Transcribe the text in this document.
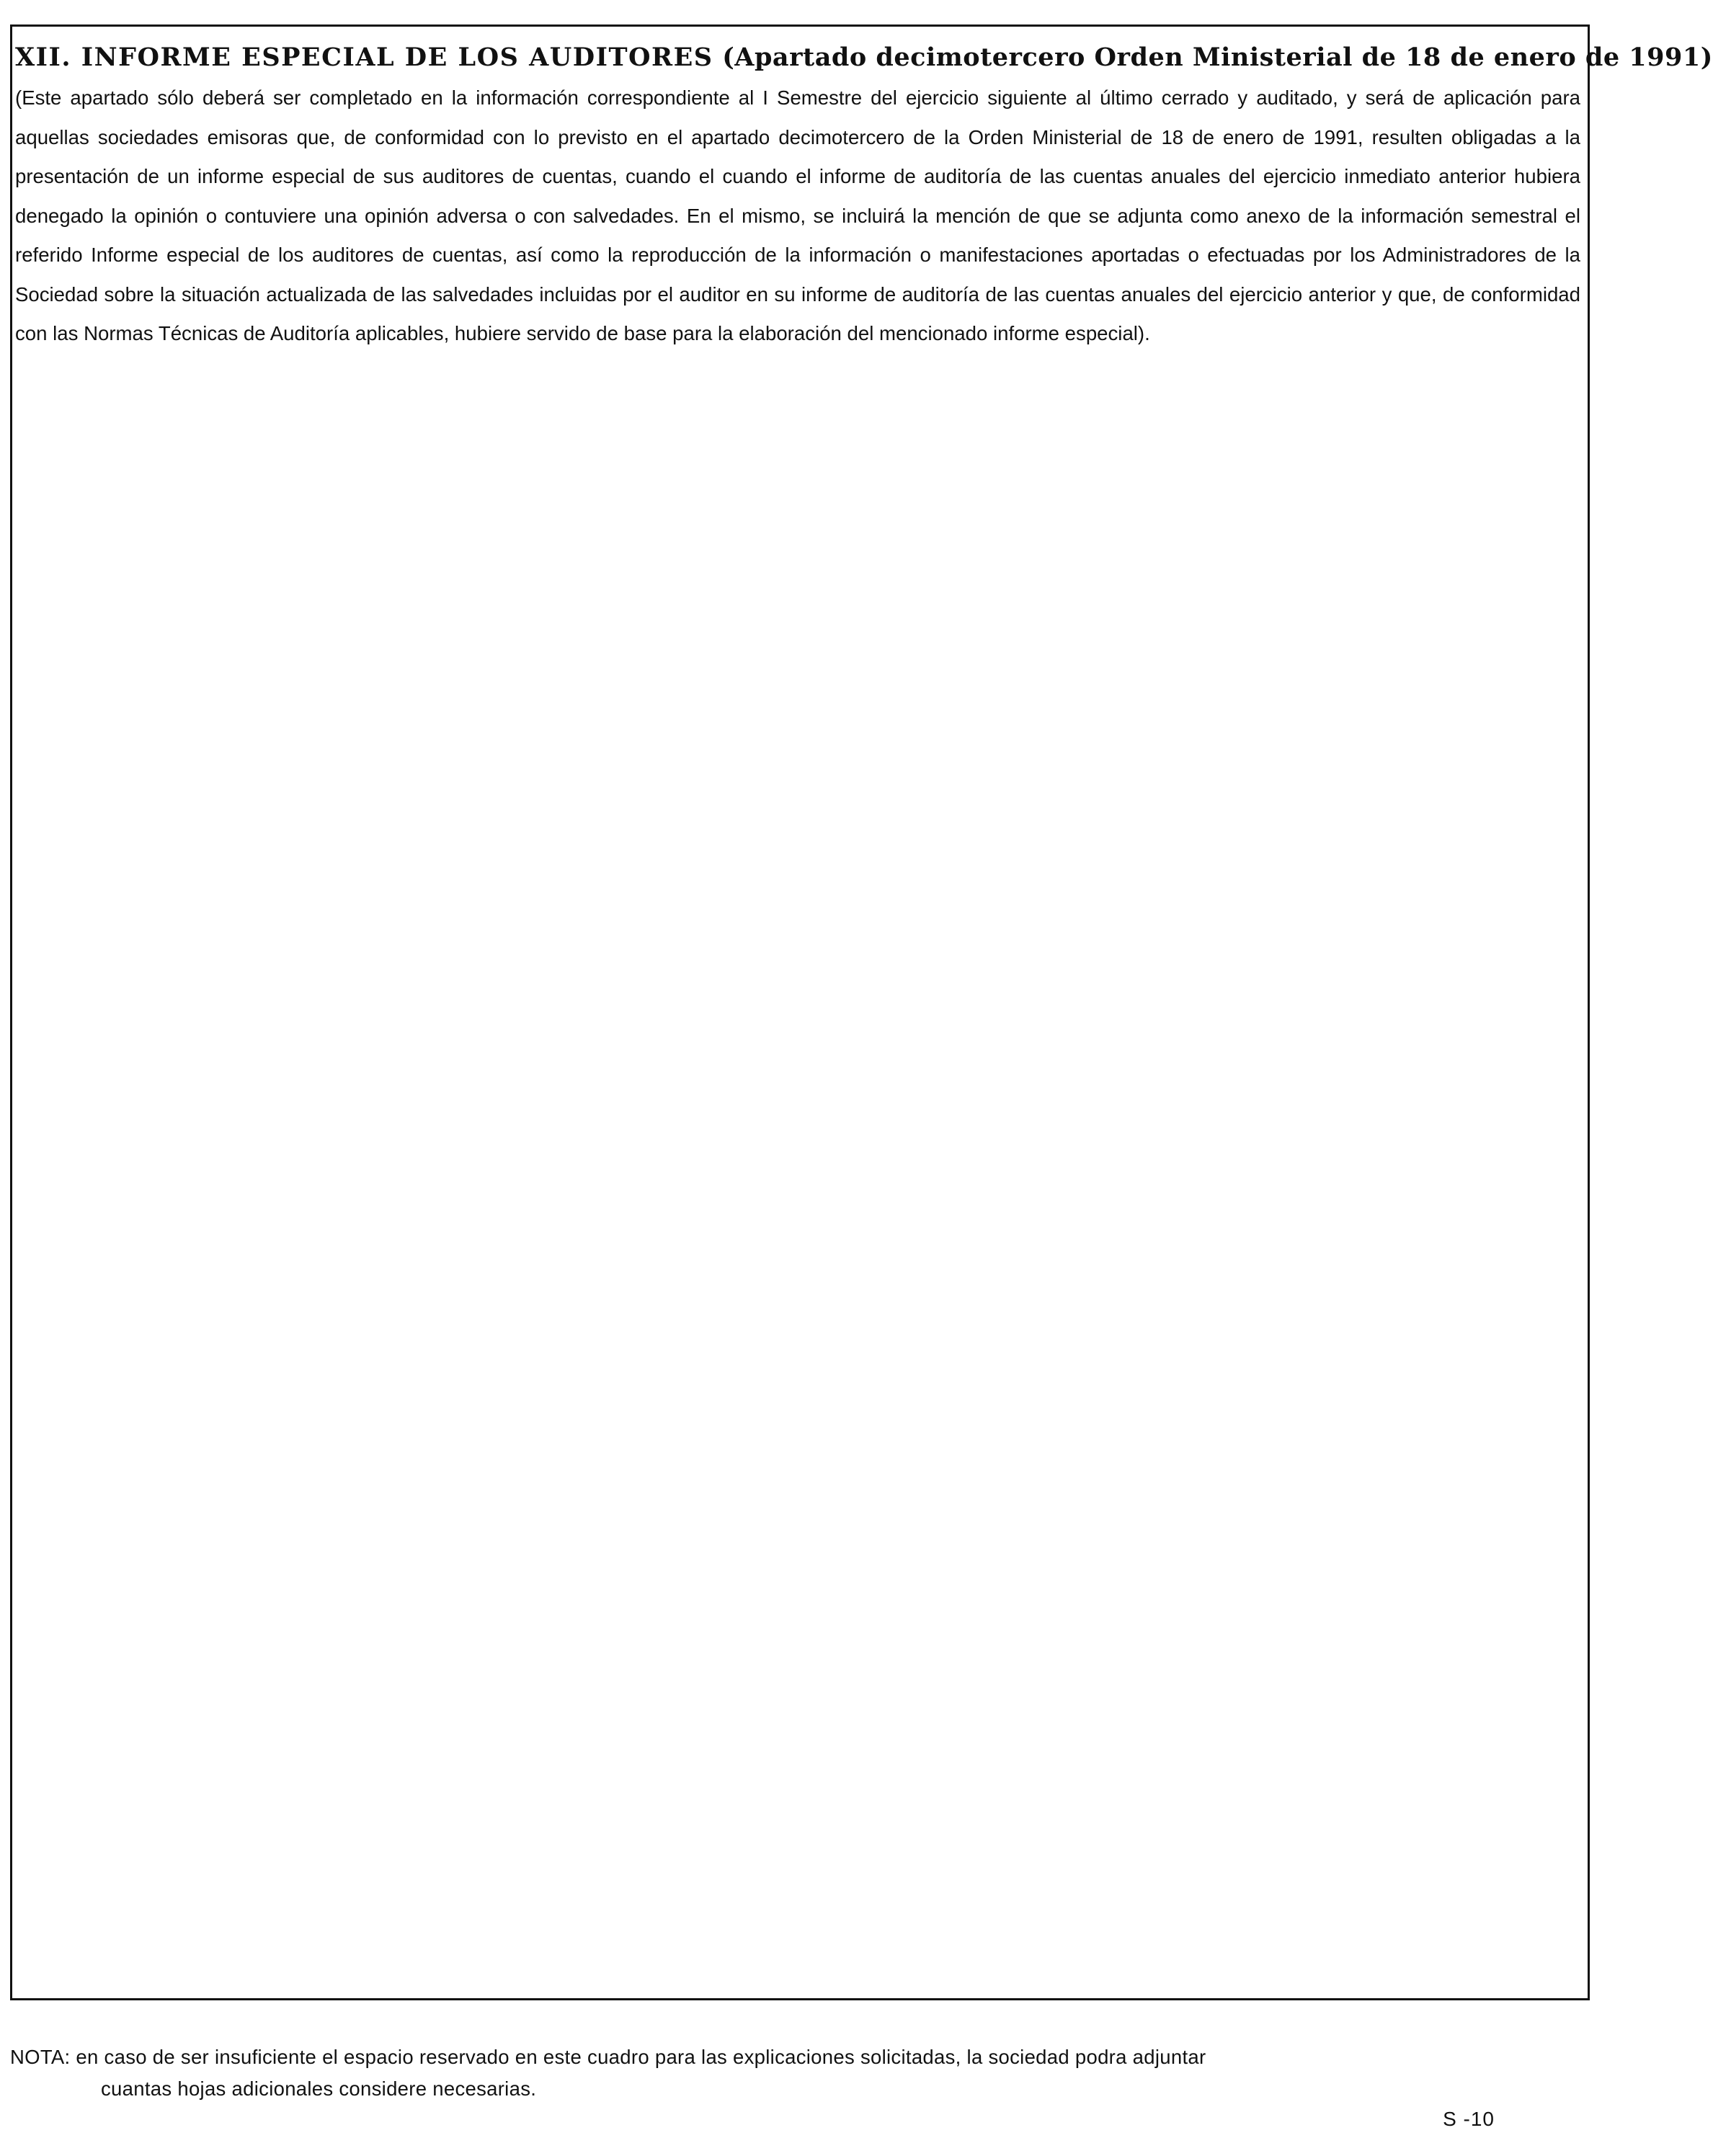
XII. INFORME ESPECIAL DE LOS AUDITORES (Apartado decimotercero Orden Ministerial de 18 de enero de 1991)

(Este apartado sólo deberá ser completado en la información correspondiente al I Semestre del ejercicio siguiente al último cerrado y auditado, y será de aplicación para aquellas sociedades emisoras que, de conformidad con lo previsto en el apartado decimotercero de la Orden Ministerial de 18 de enero de 1991, resulten obligadas a la presentación de un informe especial de sus auditores de cuentas, cuando el cuando el informe de auditoría de las cuentas anuales del ejercicio inmediato anterior hubiera denegado la opinión o contuviere una opinión adversa o con salvedades. En el mismo, se incluirá la mención de que se adjunta como anexo de la información semestral el referido Informe especial de los auditores de cuentas, así como la reproducción de la información o manifestaciones aportadas o efectuadas por los Administradores de la Sociedad sobre la situación actualizada de las salvedades incluidas por el auditor en su informe de auditoría de las cuentas anuales del ejercicio anterior y que, de conformidad con las Normas Técnicas de Auditoría aplicables, hubiere servido de base para la elaboración del mencionado informe especial).

NOTA: en caso de ser insuficiente el espacio reservado en este cuadro para las explicaciones solicitadas, la sociedad podra adjuntar
cuantas hojas adicionales considere necesarias.
S -10
